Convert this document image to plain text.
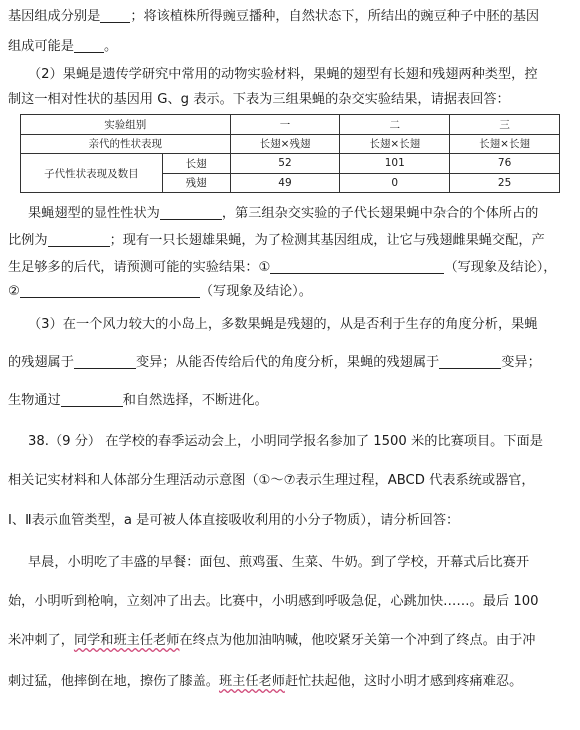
基因组成分别是 ；将该植株所得豌豆播种，自然状态下，所结出的豌豆种子中胚的基因
组成可能是 。
（2）果蝇是遗传学研究中常用的动物实验材料，果蝇的翅型有长翅和残翅两种类型，控
制这一相对性状的基因用 G、g 表示。下表为三组果蝇的杂交实验结果，请据表回答：
实验组别		一	二	三
亲代的性状表现		长翅×残翅	长翅×长翅	长翅×长翅
子代性状表现及数目	长翅	52	101	76
	残翅	49	0	25
果蝇翅型的显性性状为	，第三组杂交实验的子代长翅果蝇中杂合的个体所占的
比例为	；现有一只长翅雄果蝇，为了检测其基因组成，让它与残翅雌果蝇交配，产
生足够多的后代，请预测可能的实验结果：①	（写现象及结论），
②	（写现象及结论）。
（3）在一个风力较大的小岛上，多数果蝇是残翅的，从是否利于生存的角度分析，果蝇
的残翅属于	变异；从能否传给后代的角度分析，果蝇的残翅属于	变异；
生物通过	和自然选择，不断进化。
38.（9 分） 在学校的春季运动会上，小明同学报名参加了 1500 米的比赛项目。下面是
相关记实材料和人体部分生理活动示意图（①～⑦表示生理过程，ABCD 代表系统或器官，
Ⅰ、Ⅱ表示血管类型，a 是可被人体直接吸收利用的小分子物质），请分析回答：
早晨，小明吃了丰盛的早餐：面包、煎鸡蛋、生菜、牛奶。到了学校，开幕式后比赛开
始，小明听到枪响，立刻冲了出去。比赛中，小明感到呼吸急促，心跳加快……。最后 100
米冲刺了，同学和班主任老师在终点为他加油呐喊，他咬紧牙关第一个冲到了终点。由于冲
刺过猛，他摔倒在地，擦伤了膝盖。班主任老师赶忙扶起他，这时小明才感到疼痛难忍。
